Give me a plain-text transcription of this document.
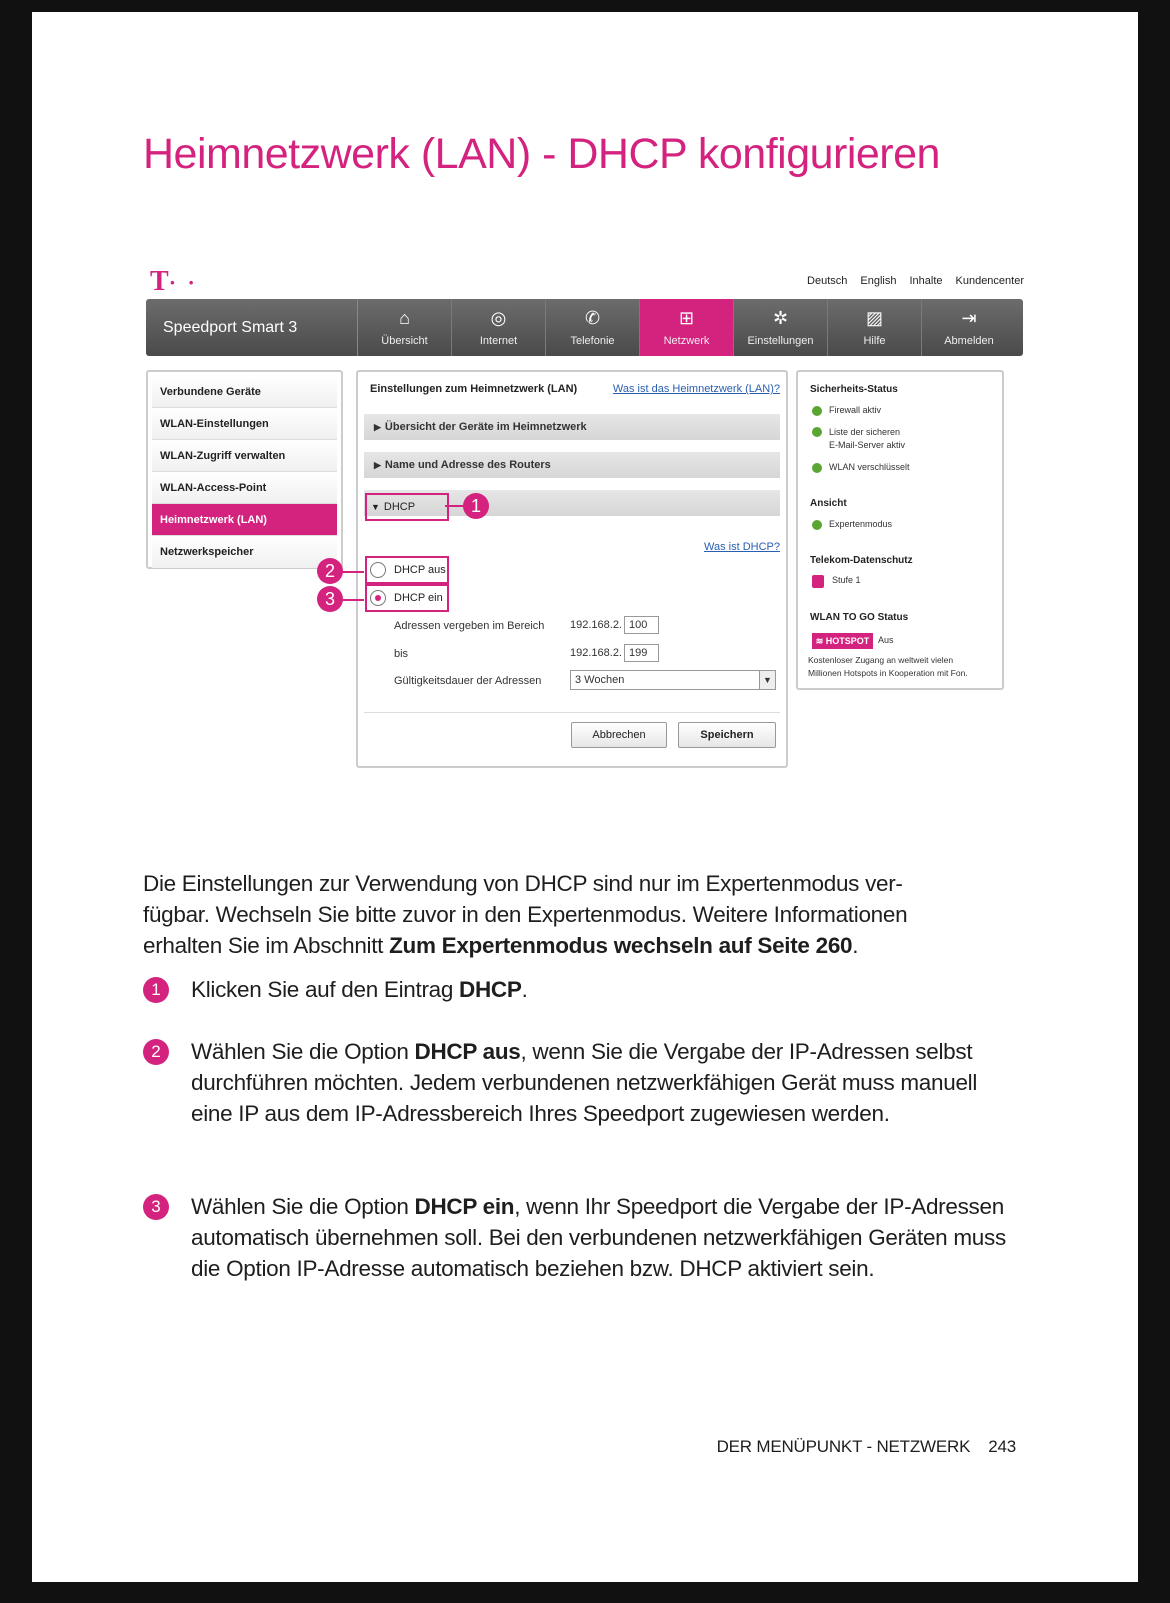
Heimnetzwerk (LAN) - DHCP konfigurieren
T· ·	Deutsch English Inhalte Kundencenter
Speedport Smart 3	⌂
Übersicht
◎
Internet
✆
Telefonie
⊞
Netzwerk
✲
Einstellungen
▨
Hilfe
⇥
Abmelden
Verbundene Geräte
WLAN-Einstellungen
WLAN-Zugriff verwalten
WLAN-Access-Point
Heimnetzwerk (LAN)
Netzwerkspeicher
Einstellungen zum Heimnetzwerk (LAN)	Was ist das Heimnetzwerk (LAN)?
▶ Übersicht der Geräte im Heimnetzwerk
▶ Name und Adresse des Routers
▼ DHCP
Was ist DHCP?
DHCP aus
DHCP ein
Adressen vergeben im Bereich 192.168.2. 100
bis	192.168.2. 199
Gültigkeitsdauer der Adressen	3 Wochen	▼
Abbrechen	Speichern
Sicherheits-Status
Firewall aktiv
Liste der sicheren
E-Mail-Server aktiv
WLAN verschlüsselt
Ansicht
Expertenmodus
Telekom-Datenschutz
Stufe 1
WLAN TO GO Status
≋ HOTSPOT Aus
Kostenloser Zugang an weltweit vielen
Millionen Hotspots in Kooperation mit Fon.
1
2
3
Die Einstellungen zur Verwendung von DHCP sind nur im Expertenmodus ver-
fügbar. Wechseln Sie bitte zuvor in den Expertenmodus. Weitere Informationen
erhalten Sie im Abschnitt Zum Expertenmodus wechseln auf Seite 260.
1	Klicken Sie auf den Eintrag DHCP.
2	Wählen Sie die Option DHCP aus, wenn Sie die Vergabe der IP-Adressen selbst durchführen möchten. Jedem verbundenen netzwerkfähigen Gerät muss manuell eine IP aus dem IP-Adressbereich Ihres Speedport zugewiesen werden.
3	Wählen Sie die Option DHCP ein, wenn Ihr Speedport die Vergabe der IP-Adressen automatisch übernehmen soll. Bei den verbundenen netzwerkfähigen Geräten muss die Option IP-Adresse automatisch beziehen bzw. DHCP aktiviert sein.
DER MENÜPUNKT - NETZWERK 243
